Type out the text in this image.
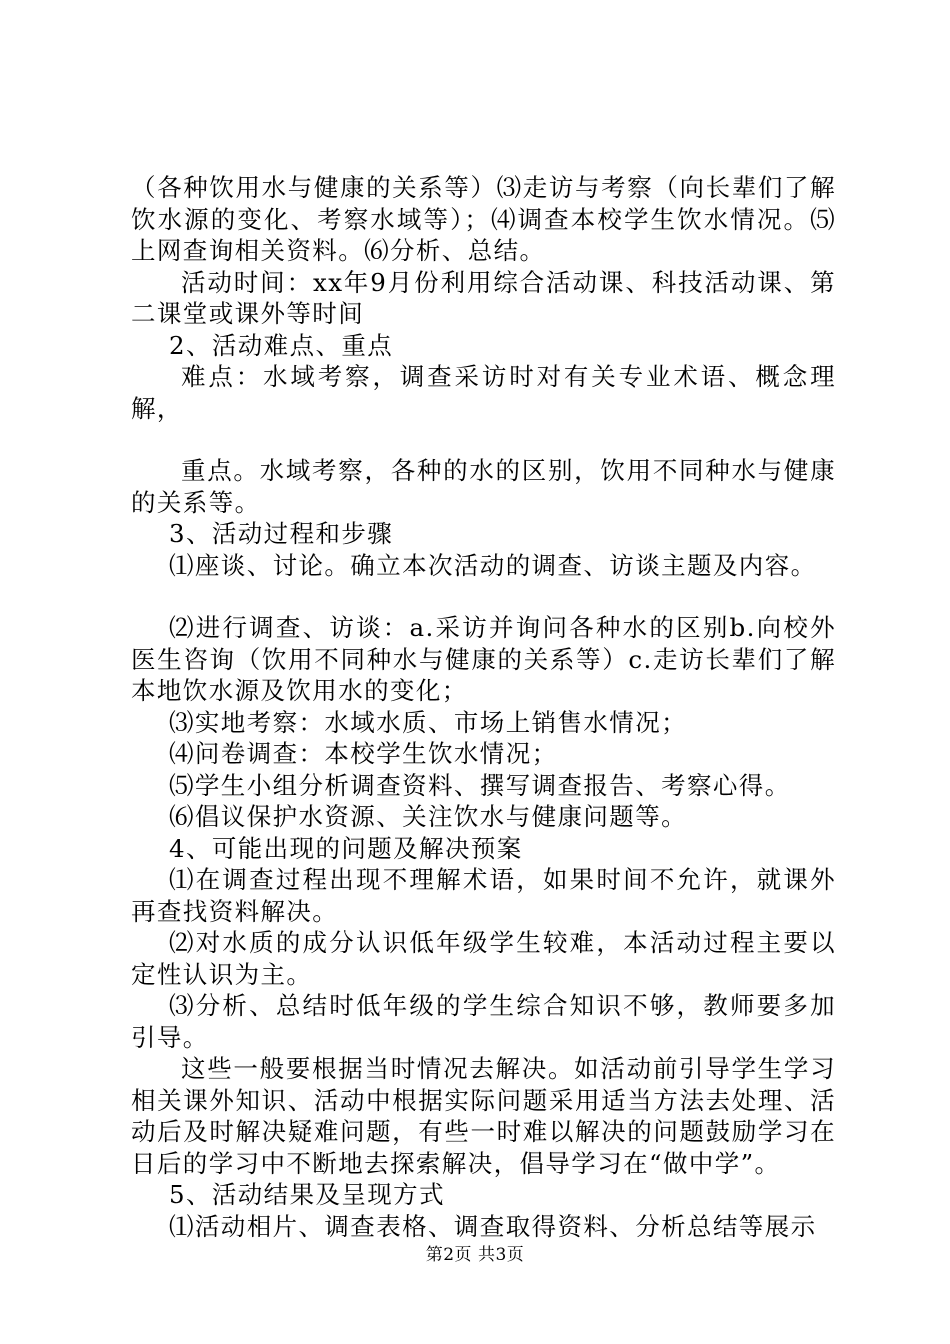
（各种饮用水与健康的关系等）⑶走访与考察（向长辈们了解饮水源的变化、考察水域等）；⑷调查本校学生饮水情况。⑸上网查询相关资料。⑹分析、总结。

活动时间：xx年9月份利用综合活动课、科技活动课、第二课堂或课外等时间

2、活动难点、重点

难点：水域考察，调查采访时对有关专业术语、概念理解，

重点。水域考察，各种的水的区别，饮用不同种水与健康的关系等。

3、活动过程和步骤

⑴座谈、讨论。确立本次活动的调查、访谈主题及内容。

⑵进行调查、访谈：a.采访并询问各种水的区别b.向校外医生咨询（饮用不同种水与健康的关系等）c.走访长辈们了解本地饮水源及饮用水的变化；

⑶实地考察：水域水质、市场上销售水情况；

⑷问卷调查：本校学生饮水情况；

⑸学生小组分析调查资料、撰写调查报告、考察心得。

⑹倡议保护水资源、关注饮水与健康问题等。

4、可能出现的问题及解决预案

⑴在调查过程出现不理解术语，如果时间不允许，就课外再查找资料解决。

⑵对水质的成分认识低年级学生较难，本活动过程主要以定性认识为主。

⑶分析、总结时低年级的学生综合知识不够，教师要多加引导。

这些一般要根据当时情况去解决。如活动前引导学生学习相关课外知识、活动中根据实际问题采用适当方法去处理、活动后及时解决疑难问题，有些一时难以解决的问题鼓励学习在日后的学习中不断地去探索解决，倡导学习在“做中学”。

5、活动结果及呈现方式

⑴活动相片、调查表格、调查取得资料、分析总结等展示

第2页 共3页
